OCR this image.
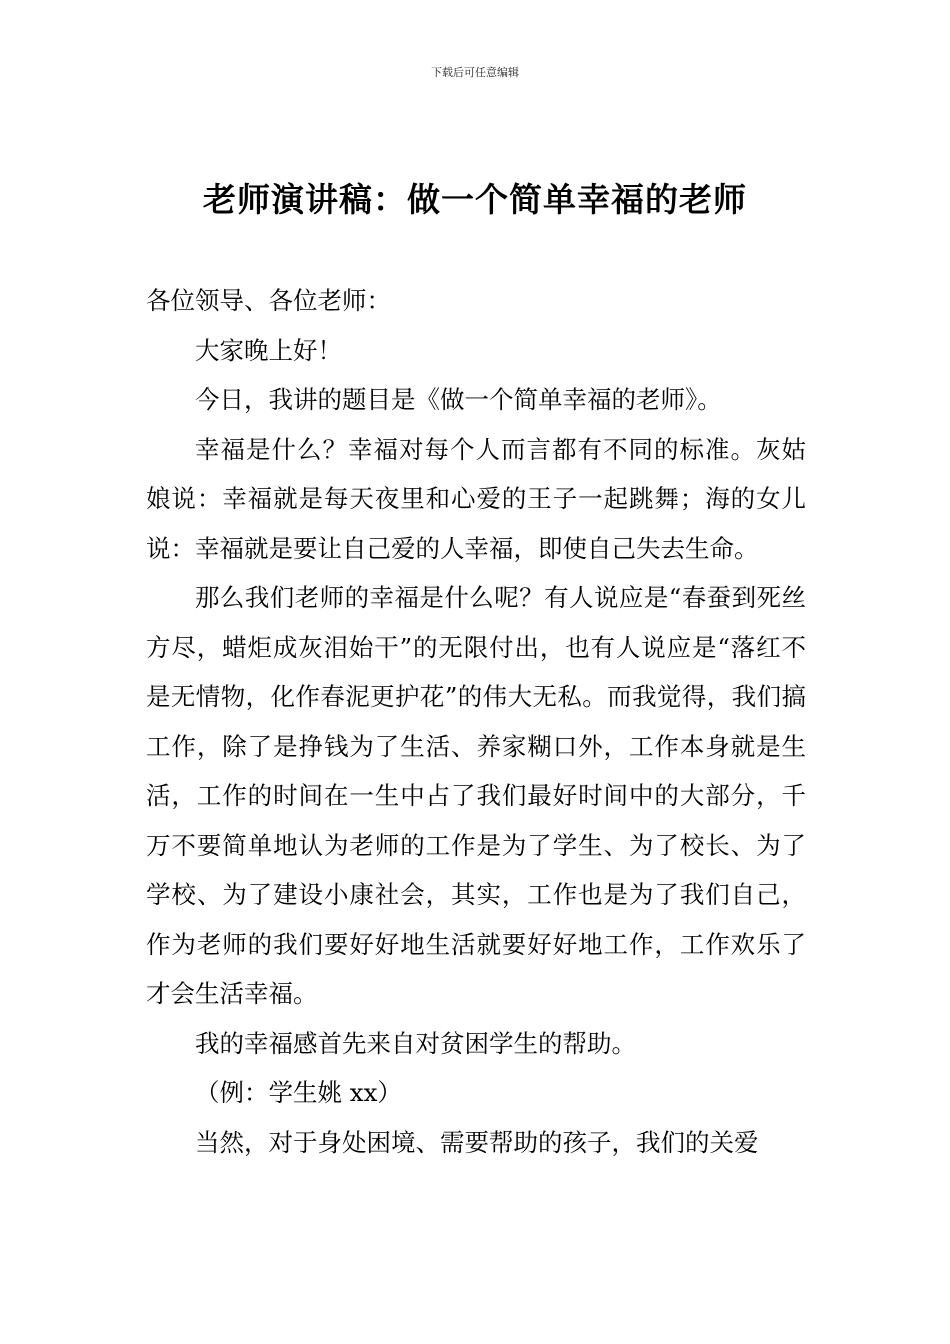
下载后可任意编辑
老师演讲稿：做一个简单幸福的老师

各位领导、各位老师：

大家晚上好！

今日，我讲的题目是《做一个简单幸福的老师》。

幸福是什么？幸福对每个人而言都有不同的标准。灰姑娘说：幸福就是每天夜里和心爱的王子一起跳舞；海的女儿说：幸福就是要让自己爱的人幸福，即使自己失去生命。

那么我们老师的幸福是什么呢？有人说应是“春蚕到死丝方尽，蜡炬成灰泪始干”的无限付出，也有人说应是“落红不是无情物，化作春泥更护花”的伟大无私。而我觉得，我们搞工作，除了是挣钱为了生活、养家糊口外，工作本身就是生活，工作的时间在一生中占了我们最好时间中的大部分，千万不要简单地认为老师的工作是为了学生、为了校长、为了学校、为了建设小康社会，其实，工作也是为了我们自己，作为老师的我们要好好地生活就要好好地工作，工作欢乐了才会生活幸福。

我的幸福感首先来自对贫困学生的帮助。

（例：学生姚 xx）

当然，对于身处困境、需要帮助的孩子，我们的关爱
